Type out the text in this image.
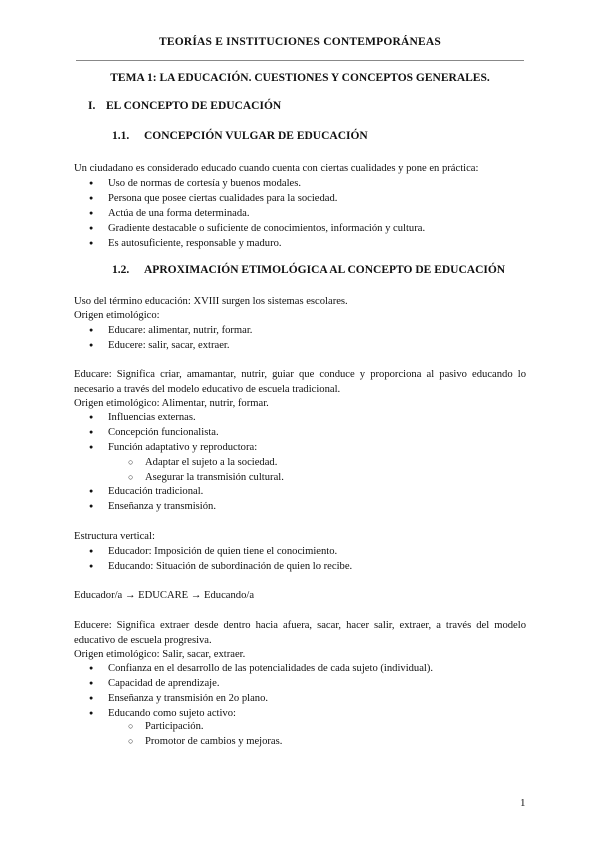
TEORÍAS E INSTITUCIONES CONTEMPORÁNEAS
TEMA 1: LA EDUCACIÓN. CUESTIONES Y CONCEPTOS GENERALES.
I. EL CONCEPTO DE EDUCACIÓN
1.1. CONCEPCIÓN VULGAR DE EDUCACIÓN
Un ciudadano es considerado educado cuando cuenta con ciertas cualidades y pone en práctica:
● Uso de normas de cortesía y buenos modales.
● Persona que posee ciertas cualidades para la sociedad.
● Actúa de una forma determinada.
● Gradiente destacable o suficiente de conocimientos, información y cultura.
● Es autosuficiente, responsable y maduro.
1.2. APROXIMACIÓN ETIMOLÓGICA AL CONCEPTO DE EDUCACIÓN
Uso del término educación: XVIII surgen los sistemas escolares.
Origen etimológico:
● Educare: alimentar, nutrir, formar.
● Educere: salir, sacar, extraer.
Educare: Significa criar, amamantar, nutrir, guiar que conduce y proporciona al pasivo educando lo necesario a través del modelo educativo de escuela tradicional.
Origen etimológico: Alimentar, nutrir, formar.
● Influencias externas.
● Concepción funcionalista.
● Función adaptativo y reproductora:
○ Adaptar el sujeto a la sociedad.
○ Asegurar la transmisión cultural.
● Educación tradicional.
● Enseñanza y transmisión.
Estructura vertical:
● Educador: Imposición de quien tiene el conocimiento.
● Educando: Situación de subordinación de quien lo recibe.
Educador/a → EDUCARE → Educando/a
Educere: Significa extraer desde dentro hacia afuera, sacar, hacer salir, extraer, a través del modelo educativo de escuela progresiva.
Origen etimológico: Salir, sacar, extraer.
● Confianza en el desarrollo de las potencialidades de cada sujeto (individual).
● Capacidad de aprendizaje.
● Enseñanza y transmisión en 2o plano.
● Educando como sujeto activo:
○ Participación.
○ Promotor de cambios y mejoras.
1
